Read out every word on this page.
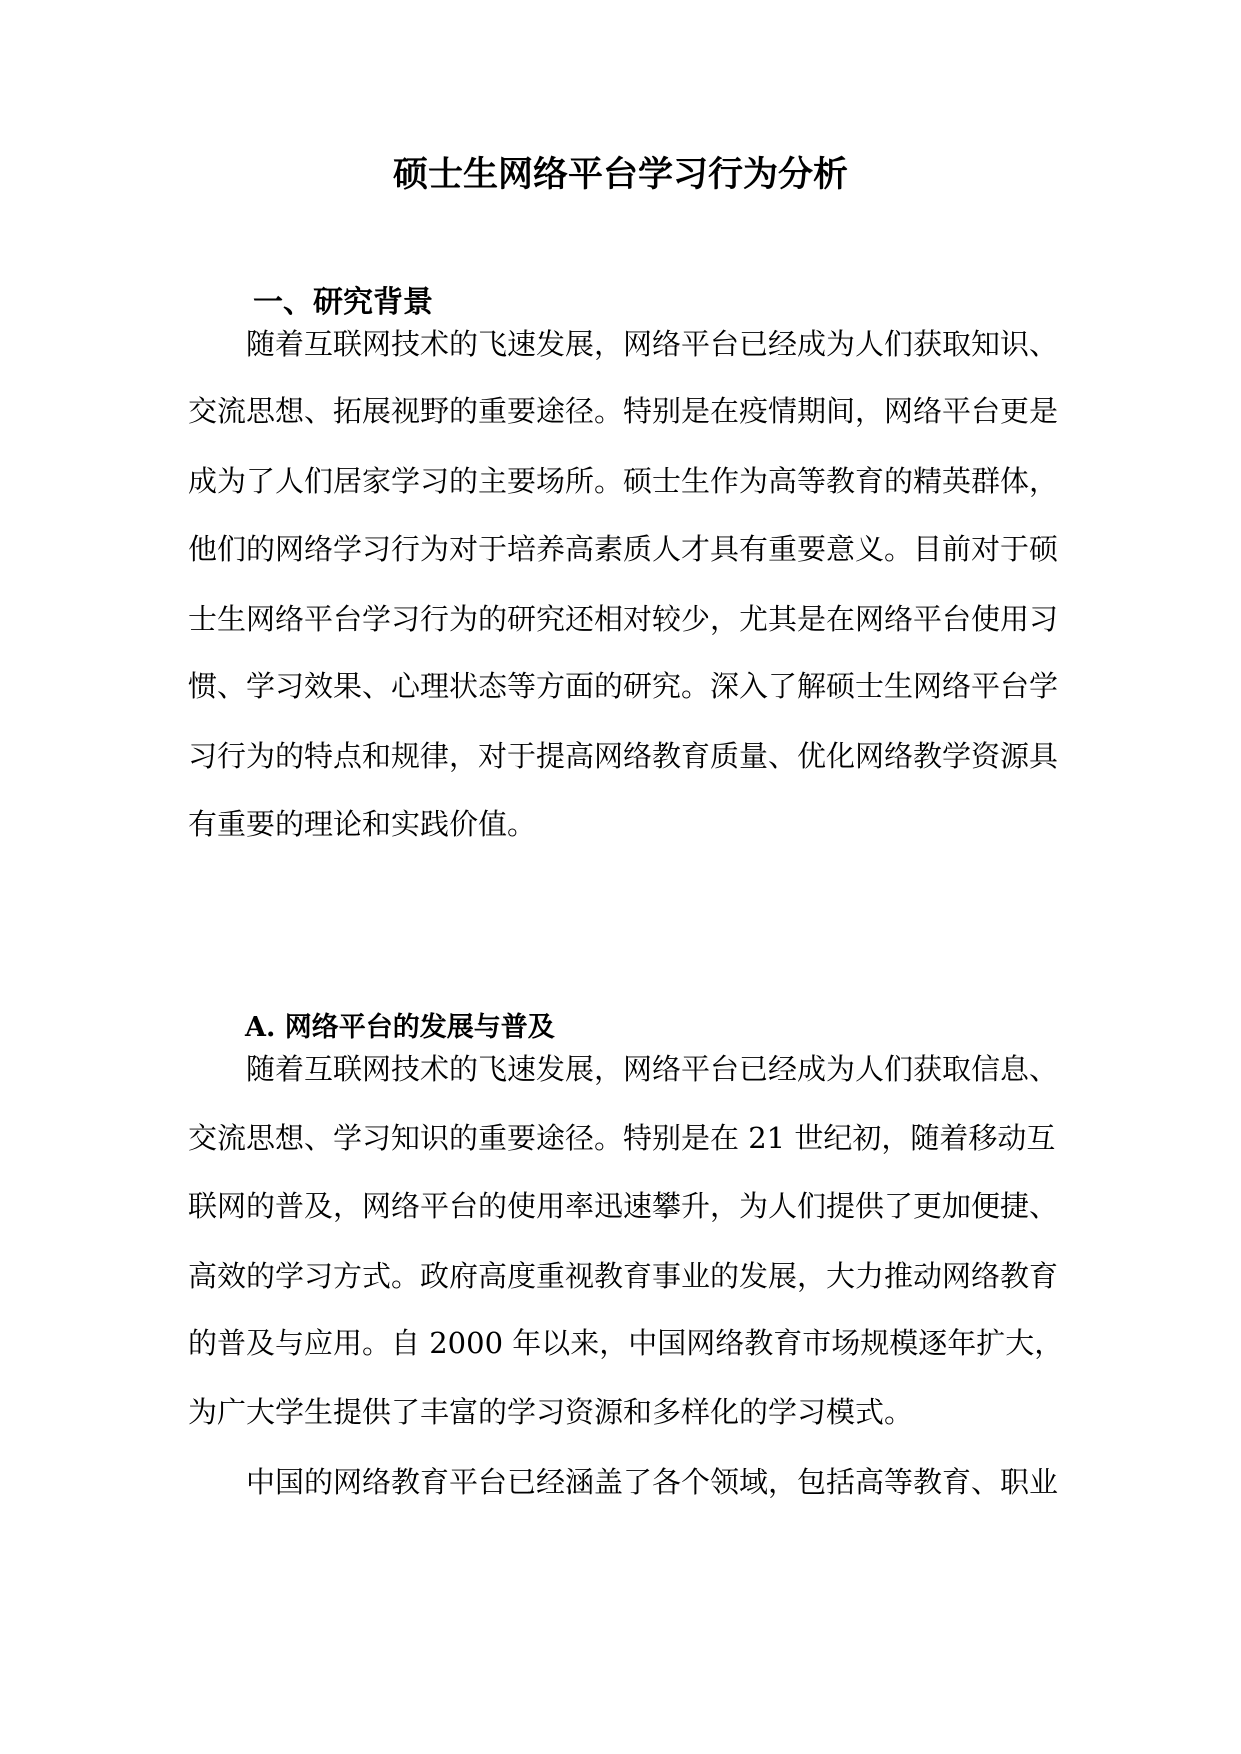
硕士生网络平台学习行为分析
一、研究背景

随着互联网技术的飞速发展，网络平台已经成为人们获取知识、

交流思想、拓展视野的重要途径。特别是在疫情期间，网络平台更是

成为了人们居家学习的主要场所。硕士生作为高等教育的精英群体，

他们的网络学习行为对于培养高素质人才具有重要意义。目前对于硕

士生网络平台学习行为的研究还相对较少，尤其是在网络平台使用习

惯、学习效果、心理状态等方面的研究。深入了解硕士生网络平台学

习行为的特点和规律，对于提高网络教育质量、优化网络教学资源具

有重要的理论和实践价值。

A. 网络平台的发展与普及

随着互联网技术的飞速发展，网络平台已经成为人们获取信息、

交流思想、学习知识的重要途径。特别是在 21 世纪初，随着移动互

联网的普及，网络平台的使用率迅速攀升，为人们提供了更加便捷、

高效的学习方式。政府高度重视教育事业的发展，大力推动网络教育

的普及与应用。自 2000 年以来，中国网络教育市场规模逐年扩大，

为广大学生提供了丰富的学习资源和多样化的学习模式。

中国的网络教育平台已经涵盖了各个领域，包括高等教育、职业
